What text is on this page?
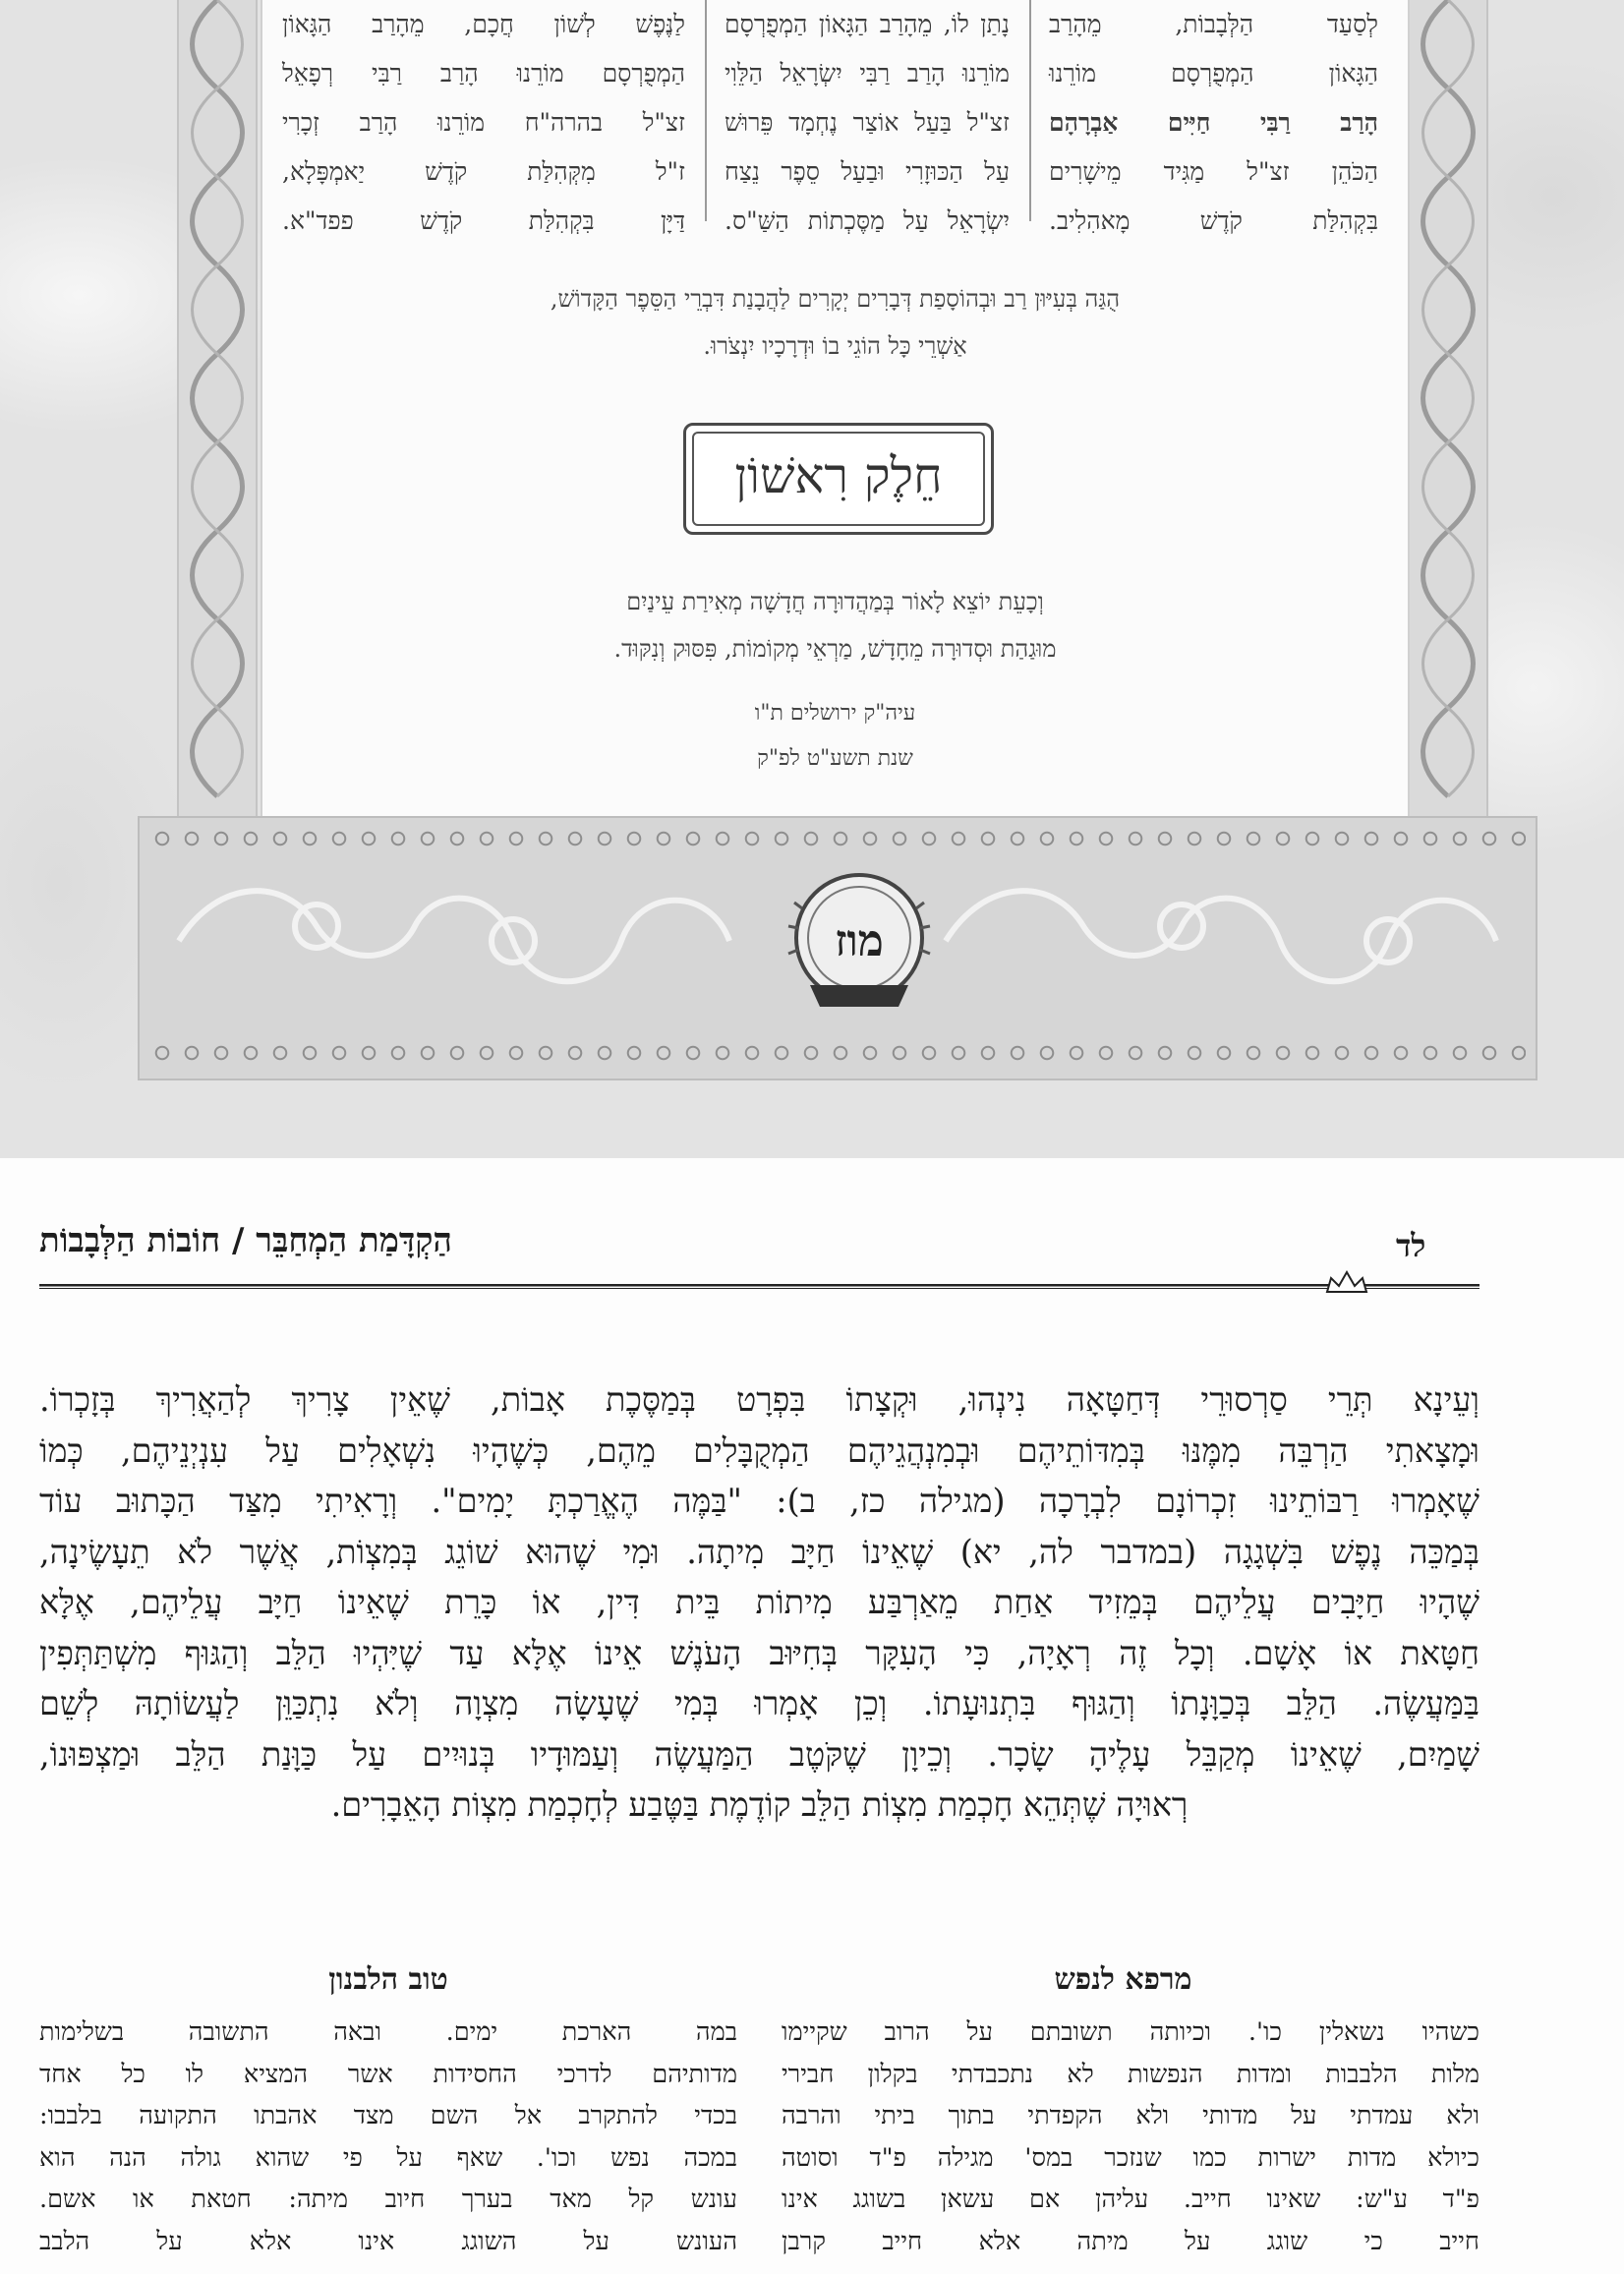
לְסַעַד הַלְּבָבוֹת, מֵהָרַב
הַגָּאוֹן הַמְפֻרְסָם מוֹרֵנוּ
הָרַב רַבִּי חַיִּים אַבְרָהָם
הַכֹּהֵן זצ"ל מַגִּיד מֵישָׁרִים
בִּקְהִלַּת קֹדֶשׁ מָאהִלִיב.
נָתַן לוֹ, מֵהָרַב הַגָּאוֹן הַמְפֻרְסָם
מוֹרֵנוּ הָרַב רַבִּי יִשְׂרָאֵל הַלֵּוִי
זצ"ל בַּעַל אוֹצַר נֶחְמָד פֵּרוּשׁ
עַל הַכּוּזָרִי וּבַעַל סֵפֶר נֵצַח
יִשְׂרָאֵל עַל מַסֶּכְתוֹת הַשַּׁ"ס.
לַנֶּפֶשׁ לְשׁוֹן חֲכָם, מֵהָרַב הַגָּאוֹן
הַמְפֻרְסָם מוֹרֵנוּ הָרַב רַבִּי רְפָאֵל
זצ"ל בהרה"ח מוֹרֵנוּ הָרַב זְכָרִי
ז"ל מִקְּהִלַּת קֹדֶשׁ יַאמְפָּלָא,
דַּיָּן בִּקְהִלַּת קֹדֶשׁ פפד"א.
הֻגַּה בְּעִיּוּן רַב וּבְהוֹסָפַת דְּבָרִים יְקָרִים לַהֲבָנַת דִּבְרֵי הַסֵּפֶר הַקָּדוֹשׁ,
אַשְׁרֵי כָּל הוֹגֵי בוֹ וּדְרָכָיו יִנְצֹרוּ.
חֵלֶק רִאשׁוֹן
וְכָעֵת יוֹצֵא לָאוֹר בְּמַהֲדוּרָה חֲדָשָׁה מְאִירַת עֵינַיִם
מוּגַהַת וּסְדוּרָה מֵחָדָשׁ, מַרְאֵי מְקוֹמוֹת, פִּסּוּק וְנִקּוּד.
עיה"ק ירושלים ת"ו
שנת תשע"ט לפ"ק
מוז
לד
הַקְדָּמַת הַמְחַבֵּר / חוֹבוֹת הַלְּבָבוֹת
וְעֵינָא תְּרֵי סַרְסוּרֵי דְּחַטָּאָה נִינְהוּ, וּקְצָתוֹ בִּפְרָט בְּמַסֶּכֶת אָבוֹת, שֶׁאֵין צָרִיךְ לְהַאֲרִיךְ בְּזָכְרוֹ.
וּמָצָאתִי הַרְבֵּה מִמֶּנּוּ בְּמִדּוֹתֵיהֶם וּבְמִנְהֲגֵיהֶם הַמְקֻבָּלִים מֵהֶם, כְּשֶׁהָיוּ נִשְׁאָלִים עַל עִנְיְנֵיהֶם, כְּמוֹ
שֶׁאָמְרוּ רַבּוֹתֵינוּ זִכְרוֹנָם לִבְרָכָה (מגילה כז, ב): "בַּמֶּה הֶאֱרַכְתָּ יָמִים". וְרָאִיתִי מִצַּד הַכָּתוּב עוֹד
בְּמַכֵּה נֶפֶשׁ בִּשְׁגָגָה (במדבר לה, יא) שֶׁאֵינוֹ חַיָּב מִיתָה. וּמִי שֶׁהוּא שׁוֹגֵג בְּמִצְוֹת, אֲשֶׁר לֹא תֵעָשֶׂינָה,
שֶׁהָיוּ חַיָּבִים עֲלֵיהֶם בְּמֵזִיד אַחַת מֵאַרְבַּע מִיתוֹת בֵּית דִּין, אוֹ כָּרֵת שֶׁאֵינוֹ חַיָּב עֲלֵיהֶם, אֶלָּא
חַטָּאת אוֹ אָשָׁם. וְכָל זֶה רְאָיָה, כִּי הָעִקָּר בְּחִיּוּב הָעֹנֶשׁ אֵינוֹ אֶלָּא עַד שֶׁיִּהְיוּ הַלֵּב וְהַגּוּף מִשְׁתַּתְּפִין
בַּמַּעֲשֶׂה. הַלֵּב בְּכַוָּנָתוֹ וְהַגּוּף בִּתְנוּעָתוֹ. וְכֵן אָמְרוּ בְּמִי שֶׁעָשָׂה מִצְוָה וְלֹא נִתְכַּוֵּן לַעֲשׂוֹתָהּ לְשֵׁם
שָׁמַיִם, שֶׁאֵינוֹ מְקַבֵּל עָלֶיהָ שָׂכָר. וְכֵיוָן שֶׁקֹּטֶב הַמַּעֲשֶׂה וְעַמּוּדָיו בְּנוּיִים עַל כַּוָּנַת הַלֵּב וּמַצְפּוּנוֹ,
רְאוּיָה שֶׁתְּהֵא חָכְמַת מִצְוֹת הַלֵּב קוֹדֶמֶת בַּטֶּבַע לְחָכְמַת מִצְוֹת הָאֵבָרִים.
מרפא לנפש
כשהיו נשאלין כו'. וכיותה תשובתם על הרוב שקיימו
מלות הלבבות ומדות הנפשות לא נתכבדתי בקלון חבירי
ולא עמדתי על מדותי ולא הקפדתי בתוך ביתי והרבה
כיולא מדות ישרות כמו שנזכר במס' מגילה פ"ד וסוטה
פ"ד ע"ש: שאינו חייב. עליהן אם עשאן בשוגג אינו
חייב כי שוגג על מיתה אלא חייב קרבן
טוב הלבנון
במה הארכת ימים. ובאה התשובה בשלימות
מדותיהם לדרכי החסידות אשר המציא לו כל אחד
בכדי להתקרב אל השם מצד אהבתו התקועה בלבבו:
במכה נפש וכו'. שאף על פי שהוא גולה הנה הוא
עונש קל מאד בערך חיוב מיתה: חטאת או אשם.
העונש על השוגג אינו אלא על הלבב
